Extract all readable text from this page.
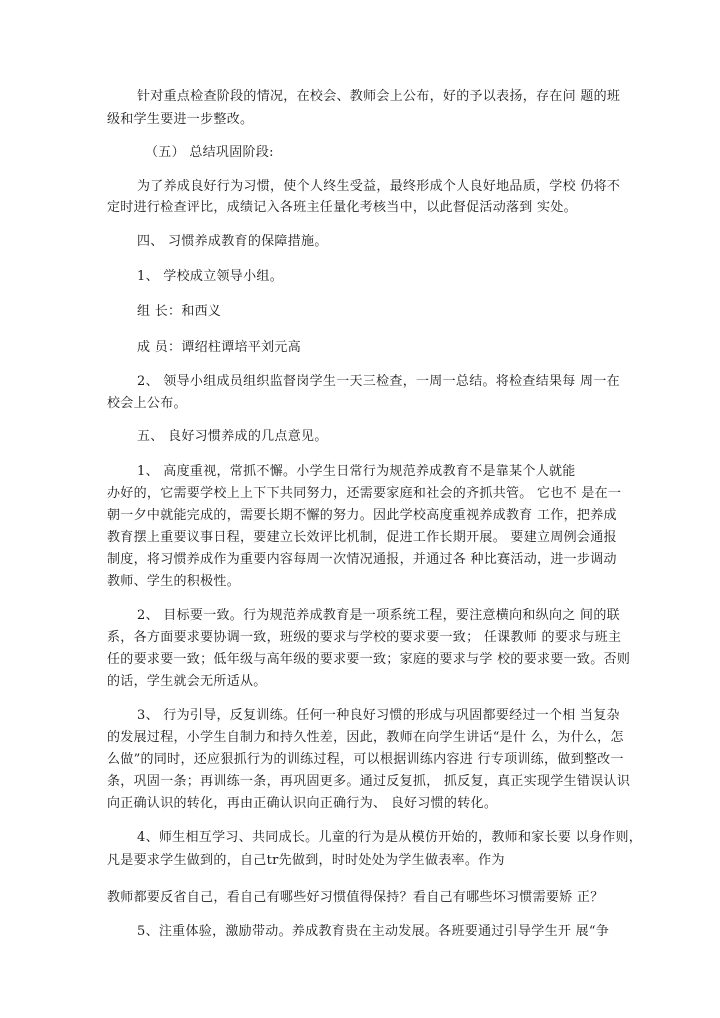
针对重点检查阶段的情况，在校会、教师会上公布，好的予以表扬，存在问 题的班
级和学生要进一步整改。
（五） 总结巩固阶段:
为了养成良好行为习惯，使个人终生受益，最终形成个人良好地品质，学校 仍将不
定时进行检查评比，成绩记入各班主任量化考核当中，以此督促活动落到 实处。
四、 习惯养成教育的保障措施。
1、 学校成立领导小组。
组 长：和西义
成 员：谭绍柱谭培平刘元高
2、 领导小组成员组织监督岗学生一天三检查，一周一总结。将检查结果每 周一在
校会上公布。
五、 良好习惯养成的几点意见。
1、 高度重视，常抓不懈。小学生日常行为规范养成教育不是靠某个人就能
办好的，它需要学校上上下下共同努力，还需要家庭和社会的齐抓共管。 它也不 是在一
朝一夕中就能完成的，需要长期不懈的努力。因此学校高度重视养成教育 工作，把养成
教育摆上重要议事日程，要建立长效评比机制，促进工作长期开展。 要建立周例会通报
制度，将习惯养成作为重要内容每周一次情况通报，并通过各 种比赛活动，进一步调动
教师、学生的积极性。
2、 目标要一致。行为规范养成教育是一项系统工程，要注意横向和纵向之 间的联
系，各方面要求要协调一致，班级的要求与学校的要求要一致； 任课教师 的要求与班主
任的要求要一致；低年级与高年级的要求要一致；家庭的要求与学 校的要求要一致。否则
的话，学生就会无所适从。
3、 行为引导，反复训练。任何一种良好习惯的形成与巩固都要经过一个相 当复杂
的发展过程，小学生自制力和持久性差，因此，教师在向学生讲话“是什 么，为什么，怎
么做”的同时，还应狠抓行为的训练过程，可以根据训练内容进 行专项训练，做到整改一
条，巩固一条；再训练一条，再巩固更多。通过反复抓， 抓反复，真正实现学生错误认识
向正确认识的转化，再由正确认识向正确行为、 良好习惯的转化。
4、师生相互学习、共同成长。儿童的行为是从模仿开始的，教师和家长要 以身作则，
凡是要求学生做到的，自己tr先做到，时时处处为学生做表率。作为
教师都要反省自己，看自己有哪些好习惯值得保持？看自己有哪些坏习惯需要矫 正？
5、注重体验，激励带动。养成教育贵在主动发展。各班要通过引导学生开 展“争
